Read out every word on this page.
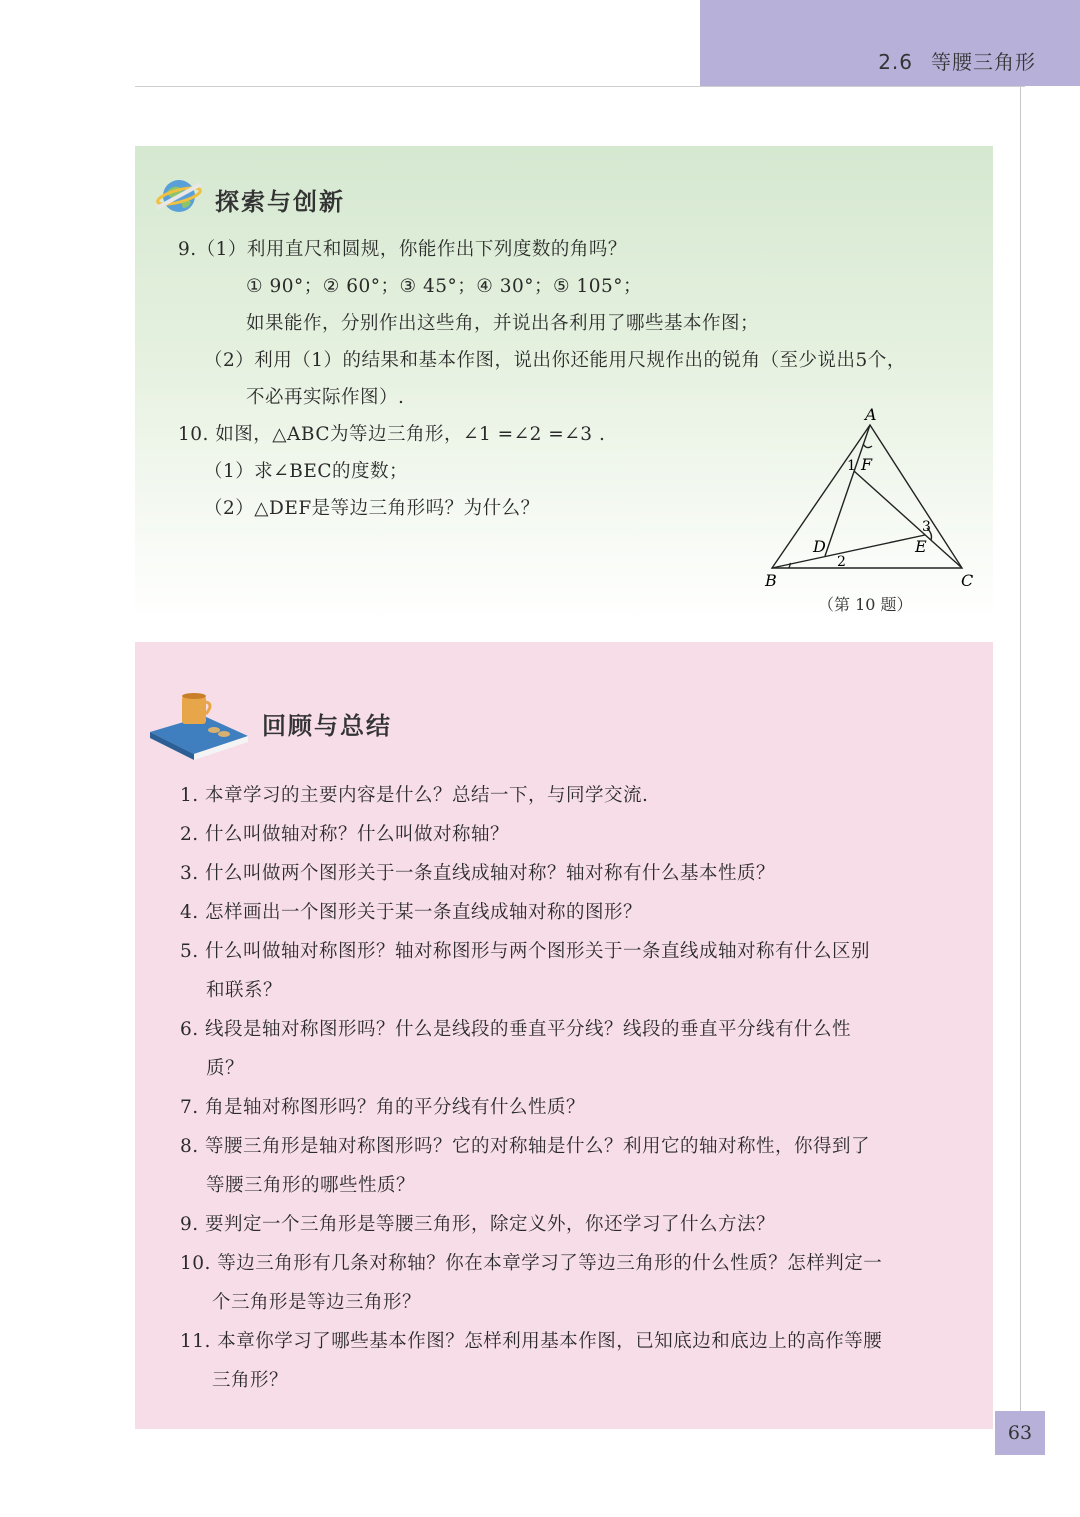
2.6 等腰三角形
探索与创新
9.（1）利用直尺和圆规，你能作出下列度数的角吗？
① 90°；② 60°；③ 45°；④ 30°；⑤ 105°；
如果能作，分别作出这些角，并说出各利用了哪些基本作图；
（2）利用（1）的结果和基本作图，说出你还能用尺规作出的锐角（至少说出5个，
不必再实际作图）.
10. 如图，△ABC为等边三角形，∠1 =∠2 =∠3 .
（1）求∠BEC的度数；
（2）△DEF是等边三角形吗？为什么？
A
B	C
D	E
F
1
2
3
（第 10 题）
回顾与总结
1. 本章学习的主要内容是什么？总结一下，与同学交流.
2. 什么叫做轴对称？什么叫做对称轴？
3. 什么叫做两个图形关于一条直线成轴对称？轴对称有什么基本性质？
4. 怎样画出一个图形关于某一条直线成轴对称的图形？
5. 什么叫做轴对称图形？轴对称图形与两个图形关于一条直线成轴对称有什么区别
和联系？
6. 线段是轴对称图形吗？什么是线段的垂直平分线？线段的垂直平分线有什么性
质？
7. 角是轴对称图形吗？角的平分线有什么性质？
8. 等腰三角形是轴对称图形吗？它的对称轴是什么？利用它的轴对称性，你得到了
等腰三角形的哪些性质？
9. 要判定一个三角形是等腰三角形，除定义外，你还学习了什么方法？
10. 等边三角形有几条对称轴？你在本章学习了等边三角形的什么性质？怎样判定一
个三角形是等边三角形？
11. 本章你学习了哪些基本作图？怎样利用基本作图，已知底边和底边上的高作等腰
三角形？
63
